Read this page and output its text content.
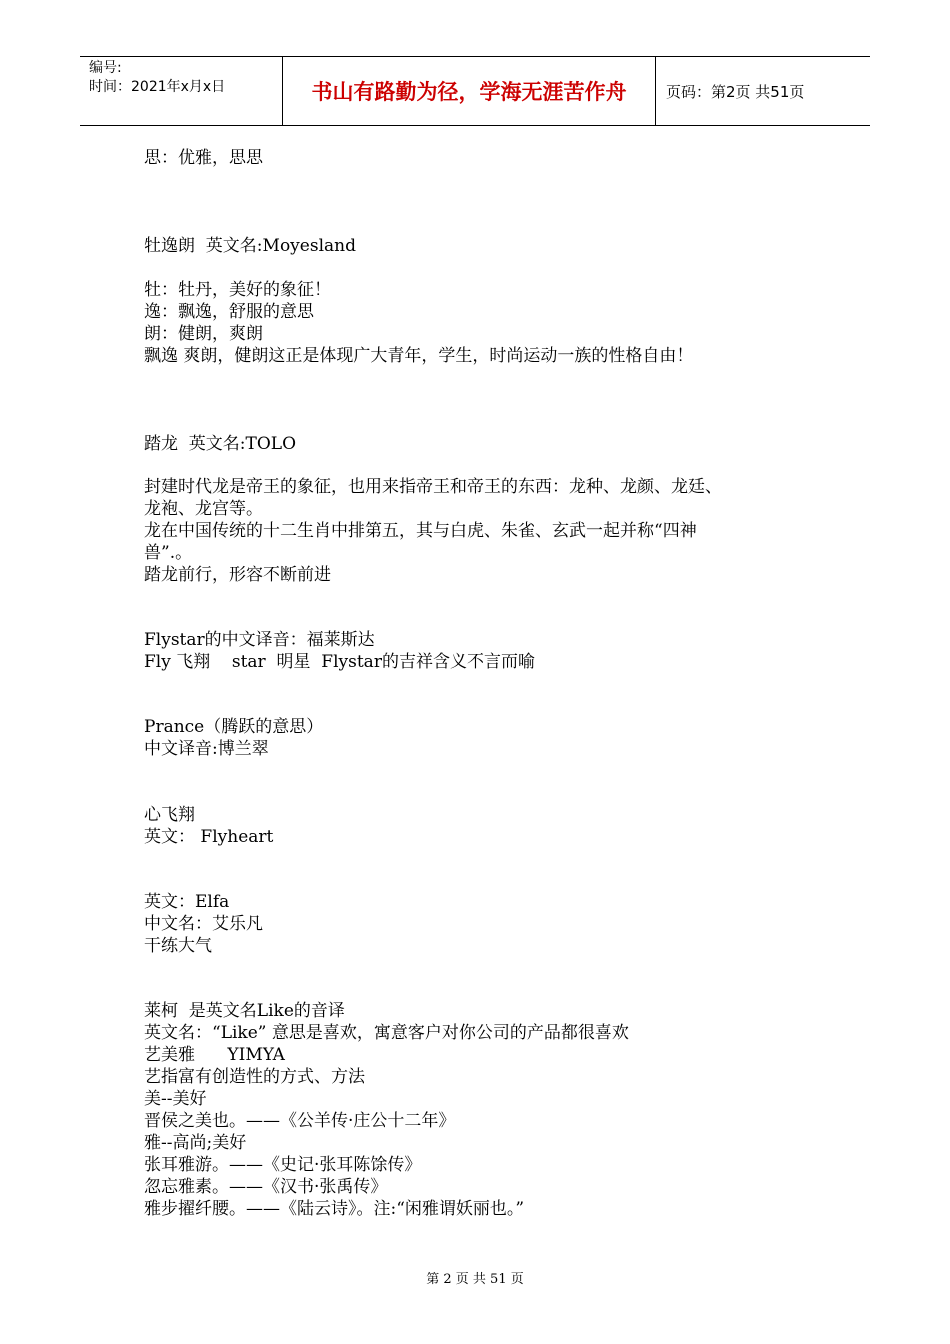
编号:
时间：2021年x月x日	书山有路勤为径，学海无涯苦作舟	页码：第2页 共51页
思：优雅，思思
牡逸朗  英文名:Moyesland
牡：牡丹，美好的象征！
逸：飘逸，舒服的意思
朗：健朗，爽朗
飘逸 爽朗，健朗这正是体现广大青年，学生，时尚运动一族的性格自由！
踏龙  英文名:TOLO
封建时代龙是帝王的象征，也用来指帝王和帝王的东西：龙种、龙颜、龙廷、
龙袍、龙宫等。
龙在中国传统的十二生肖中排第五，其与白虎、朱雀、玄武一起并称“四神
兽”.。
踏龙前行，形容不断前进
Flystar的中文译音：福莱斯达
Fly 飞翔    star  明星  Flystar的吉祥含义不言而喻
Prance（腾跃的意思）
中文译音:博兰翠
心飞翔
英文： Flyheart
英文：Elfa
中文名：艾乐凡
干练大气
莱柯  是英文名Like的音译
英文名：“Like” 意思是喜欢，寓意客户对你公司的产品都很喜欢
艺美雅      YIMYA
艺指富有创造性的方式、方法
美--美好
晋侯之美也。——《公羊传·庄公十二年》
雅--高尚;美好
张耳雅游。——《史记·张耳陈馀传》
忽忘雅素。——《汉书·张禹传》
雅步擢纤腰。——《陆云诗》。注:“闲雅谓妖丽也。”
第 2 页 共 51 页
